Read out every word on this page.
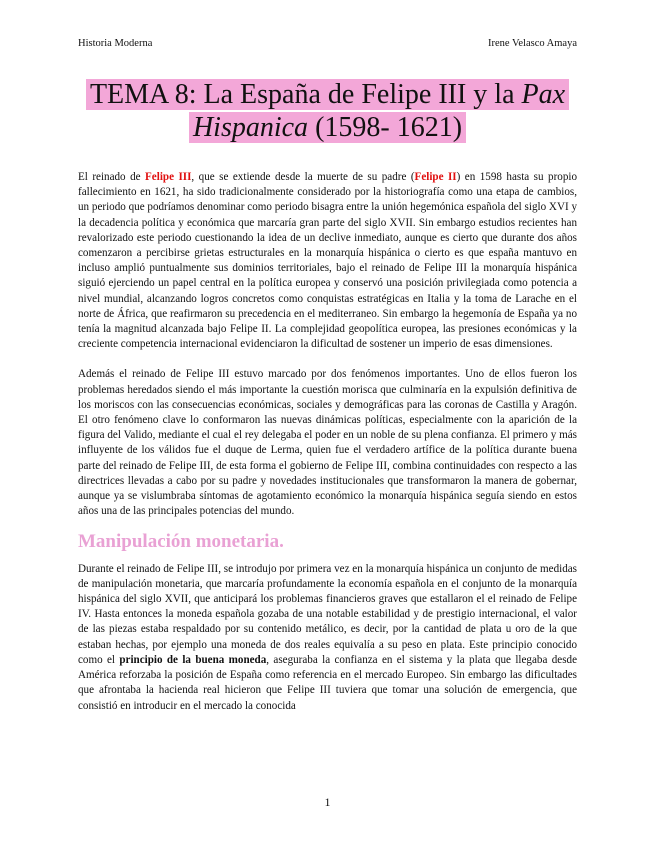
Historia Moderna	Irene Velasco Amaya
TEMA 8: La España de Felipe III y la Pax Hispanica (1598- 1621)

El reinado de Felipe III, que se extiende desde la muerte de su padre (Felipe II) en 1598 hasta su propio fallecimiento en 1621, ha sido tradicionalmente considerado por la historiografía como una etapa de cambios, un periodo que podríamos denominar como periodo bisagra entre la unión hegemónica española del siglo XVI y la decadencia política y económica que marcaría gran parte del siglo XVII. Sin embargo estudios recientes han revalorizado este periodo cuestionando la idea de un declive inmediato, aunque es cierto que durante dos años comenzaron a percibirse grietas estructurales en la monarquía hispánica o cierto es que españa mantuvo en incluso amplió puntualmente sus dominios territoriales, bajo el reinado de Felipe III la monarquía hispánica siguió ejerciendo un papel central en la política europea y conservó una posición privilegiada como potencia a nivel mundial, alcanzando logros concretos como conquistas estratégicas en Italia y la toma de Larache en el norte de África, que reafirmaron su precedencia en el mediterraneo. Sin embargo la hegemonía de España ya no tenía la magnitud alcanzada bajo Felipe II. La complejidad geopolítica europea, las presiones económicas y la creciente competencia internacional evidenciaron la dificultad de sostener un imperio de esas dimensiones.

Además el reinado de Felipe III estuvo marcado por dos fenómenos importantes. Uno de ellos fueron los problemas heredados siendo el más importante la cuestión morisca que culminaría en la expulsión definitiva de los moriscos con las consecuencias económicas, sociales y demográficas para las coronas de Castilla y Aragón. El otro fenómeno clave lo conformaron las nuevas dinámicas políticas, especialmente con la aparición de la figura del Valido, mediante el cual el rey delegaba el poder en un noble de su plena confianza. El primero y más influyente de los válidos fue el duque de Lerma, quien fue el verdadero artífice de la política durante buena parte del reinado de Felipe III, de esta forma el gobierno de Felipe III, combina continuidades con respecto a las directrices llevadas a cabo por su padre y novedades institucionales que transformaron la manera de gobernar, aunque ya se vislumbraba síntomas de agotamiento económico la monarquía hispánica seguía siendo en estos años una de las principales potencias del mundo.

Manipulación monetaria.

Durante el reinado de Felipe III, se introdujo por primera vez en la monarquía hispánica un conjunto de medidas de manipulación monetaria, que marcaría profundamente la economía española en el conjunto de la monarquía hispánica del siglo XVII, que anticipará los problemas financieros graves que estallaron el el reinado de Felipe IV. Hasta entonces la moneda española gozaba de una notable estabilidad y de prestigio internacional, el valor de las piezas estaba respaldado por su contenido metálico, es decir, por la cantidad de plata u oro de la que estaban hechas, por ejemplo una moneda de dos reales equivalía a su peso en plata. Este principio conocido como el principio de la buena moneda, aseguraba la confianza en el sistema y la plata que llegaba desde América reforzaba la posición de España como referencia en el mercado Europeo. Sin embargo las dificultades que afrontaba la hacienda real hicieron que Felipe III tuviera que tomar una solución de emergencia, que consistió en introducir en el mercado la conocida

1
